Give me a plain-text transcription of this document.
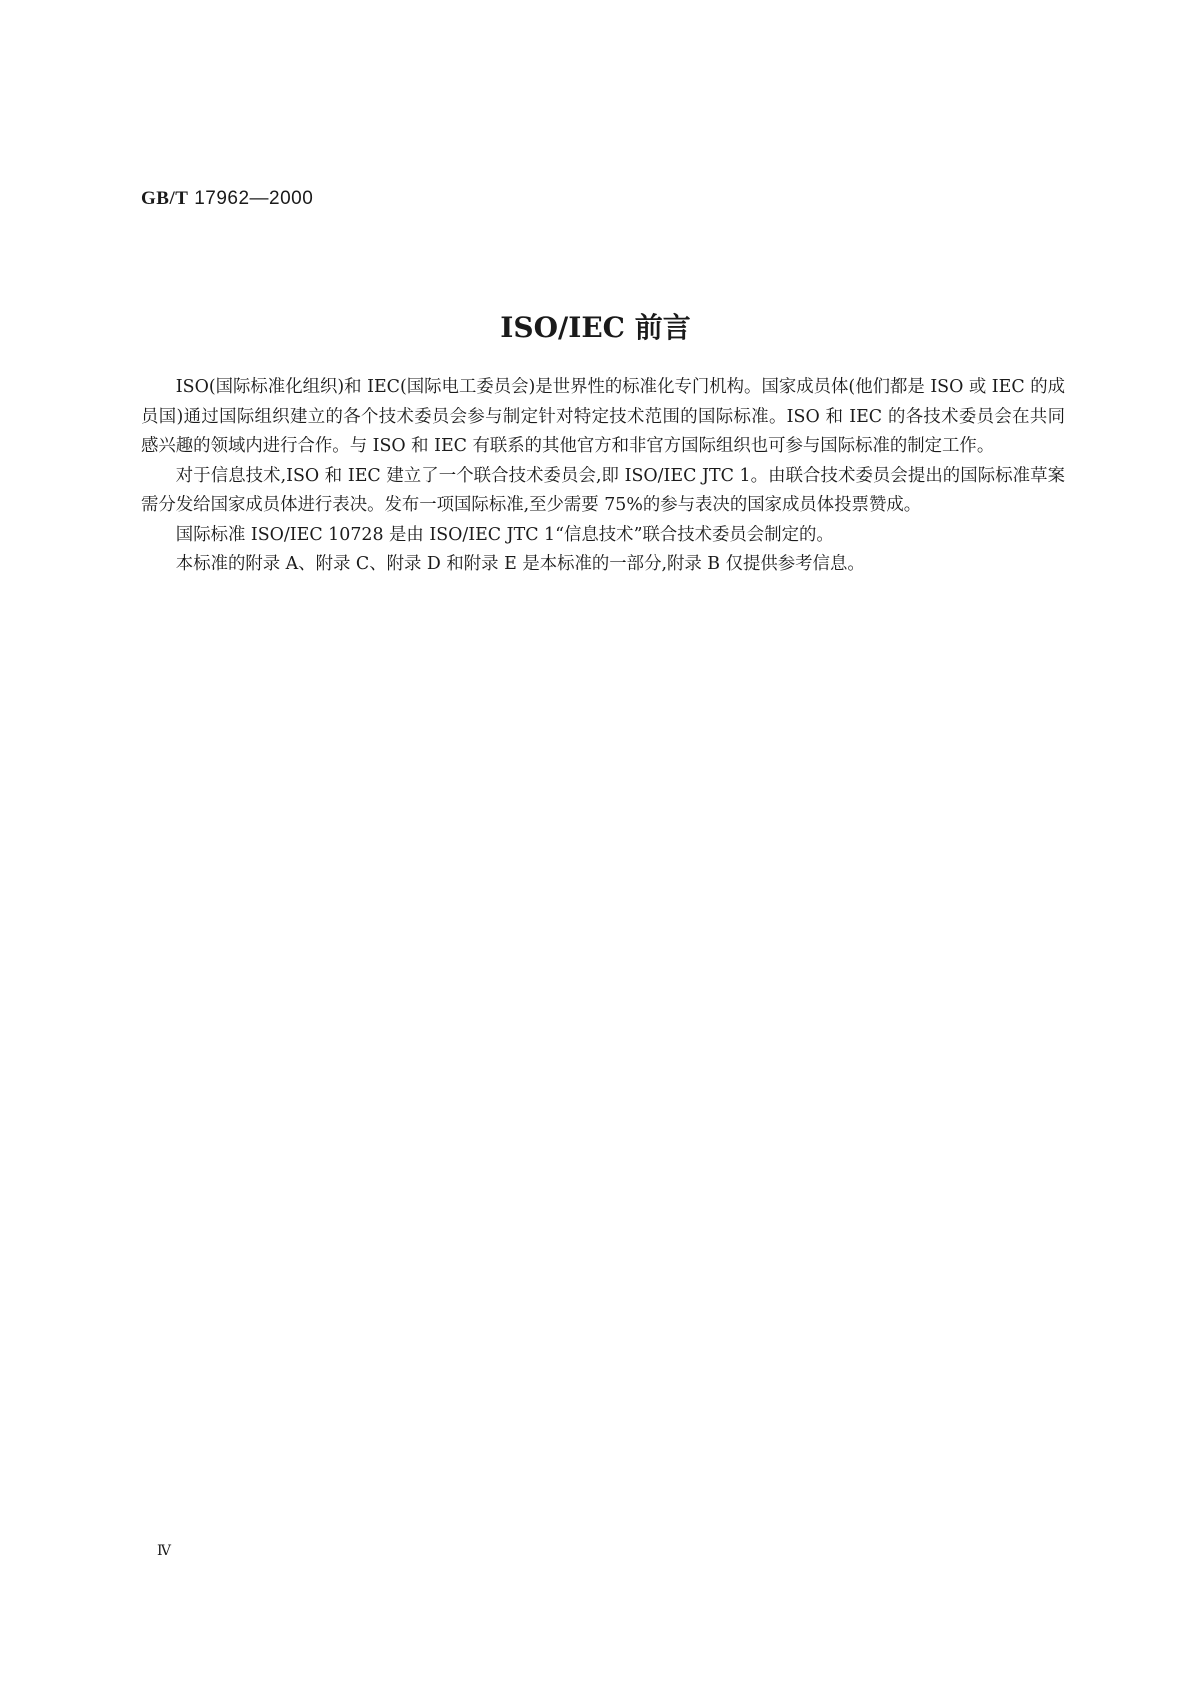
GB/T 17962—2000
ISO/IEC 前言

ISO(国际标准化组织)和 IEC(国际电工委员会)是世界性的标准化专门机构。国家成员体(他们都是 ISO 或 IEC 的成员国)通过国际组织建立的各个技术委员会参与制定针对特定技术范围的国际标准。ISO 和 IEC 的各技术委员会在共同感兴趣的领域内进行合作。与 ISO 和 IEC 有联系的其他官方和非官方国际组织也可参与国际标准的制定工作。

对于信息技术,ISO 和 IEC 建立了一个联合技术委员会,即 ISO/IEC JTC 1。由联合技术委员会提出的国际标准草案需分发给国家成员体进行表决。发布一项国际标准,至少需要 75%的参与表决的国家成员体投票赞成。

国际标准 ISO/IEC 10728 是由 ISO/IEC JTC 1“信息技术”联合技术委员会制定的。

本标准的附录 A、附录 C、附录 D 和附录 E 是本标准的一部分,附录 B 仅提供参考信息。

Ⅳ
